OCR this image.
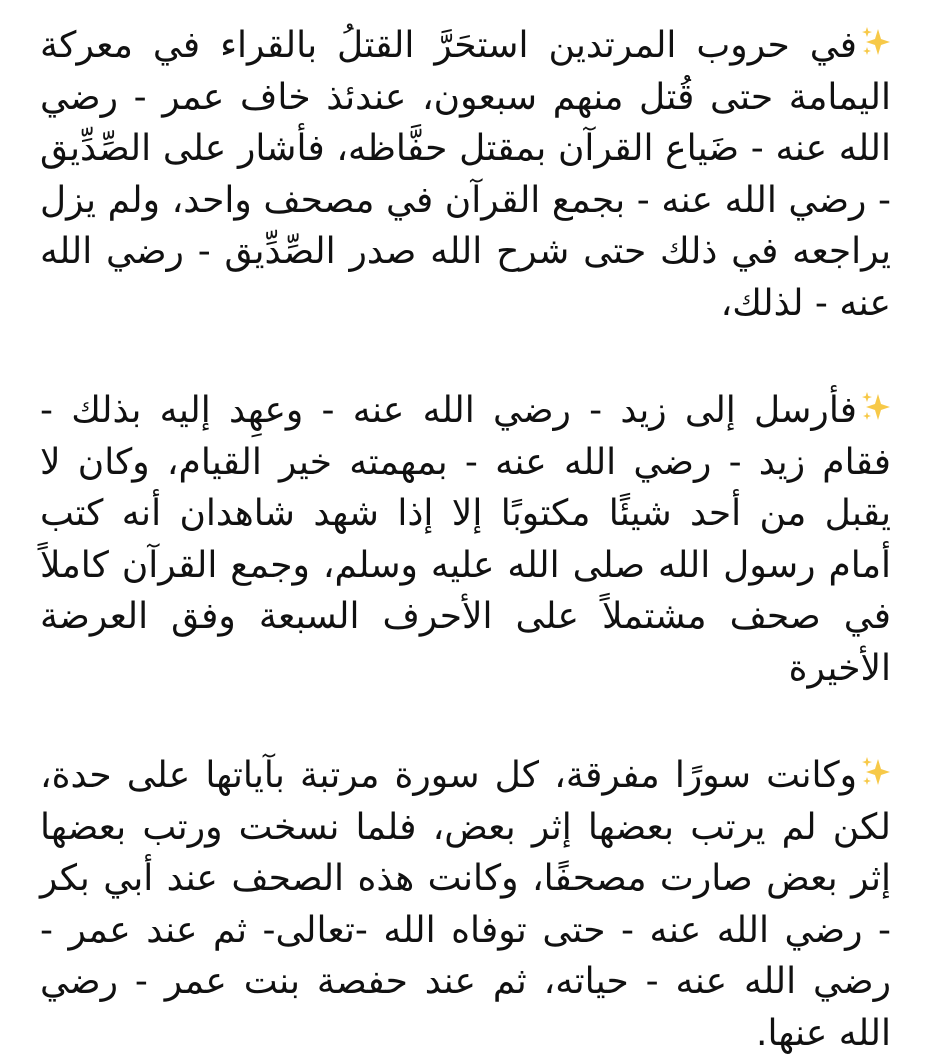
في حروب المرتدين استحَرَّ القتلُ بالقراء في معركة اليمامة حتى قُتل منهم سبعون، عندئذ خاف عمر - رضي الله عنه - ضَياع القرآن بمقتل حفَّاظه، فأشار على الصِّدِّيق - رضي الله عنه - بجمع القرآن في مصحف واحد، ولم يزل يراجعه في ذلك حتى شرح الله صدر الصِّدِّيق - رضي الله عنه - لذلك،

فأرسل إلى زيد - رضي الله عنه - وعهِد إليه بذلك - فقام زيد - رضي الله عنه - بمهمته خير القيام، وكان لا يقبل من أحد شيئًا مكتوبًا إلا إذا شهد شاهدان أنه كتب أمام رسول الله صلى الله عليه وسلم، وجمع القرآن كاملاً في صحف مشتملاً على الأحرف السبعة وفق العرضة الأخيرة

وكانت سورًا مفرقة، كل سورة مرتبة بآياتها على حدة، لكن لم يرتب بعضها إثر بعض، فلما نسخت ورتب بعضها إثر بعض صارت مصحفًا، وكانت هذه الصحف عند أبي بكر - رضي الله عنه - حتى توفاه الله -تعالى- ثم عند عمر - رضي الله عنه - حياته، ثم عند حفصة بنت عمر - رضي الله عنها.
